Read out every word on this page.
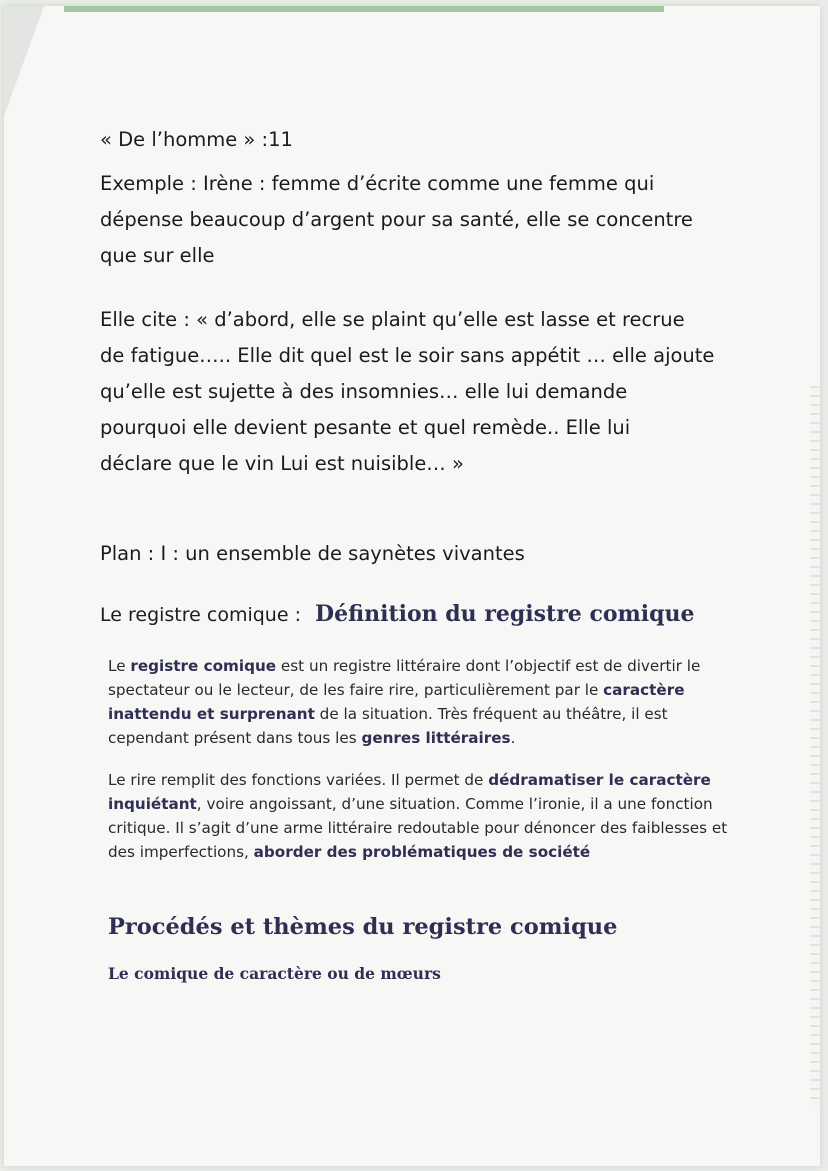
« De l’homme » :11
Exemple : Irène : femme d’écrite comme une femme qui
dépense beaucoup d’argent pour sa santé, elle se concentre
que sur elle
Elle cite : « d’abord, elle se plaint qu’elle est lasse et recrue
de fatigue….. Elle dit quel est le soir sans appétit … elle ajoute
qu’elle est sujette à des insomnies… elle lui demande
pourquoi elle devient pesante et quel remède.. Elle lui
déclare que le vin Lui est nuisible… »
Plan : I : un ensemble de saynètes vivantes
Le registre comique : Définition du registre comique
Le registre comique est un registre littéraire dont l’objectif est de divertir le spectateur ou le lecteur, de les faire rire, particulièrement par le caractère inattendu et surprenant de la situation. Très fréquent au théâtre, il est cependant présent dans tous les genres littéraires.
Le rire remplit des fonctions variées. Il permet de dédramatiser le caractère inquiétant, voire angoissant, d’une situation. Comme l’ironie, il a une fonction critique. Il s’agit d’une arme littéraire redoutable pour dénoncer des faiblesses et des imperfections, aborder des problématiques de société
Procédés et thèmes du registre comique
Le comique de caractère ou de mœurs
